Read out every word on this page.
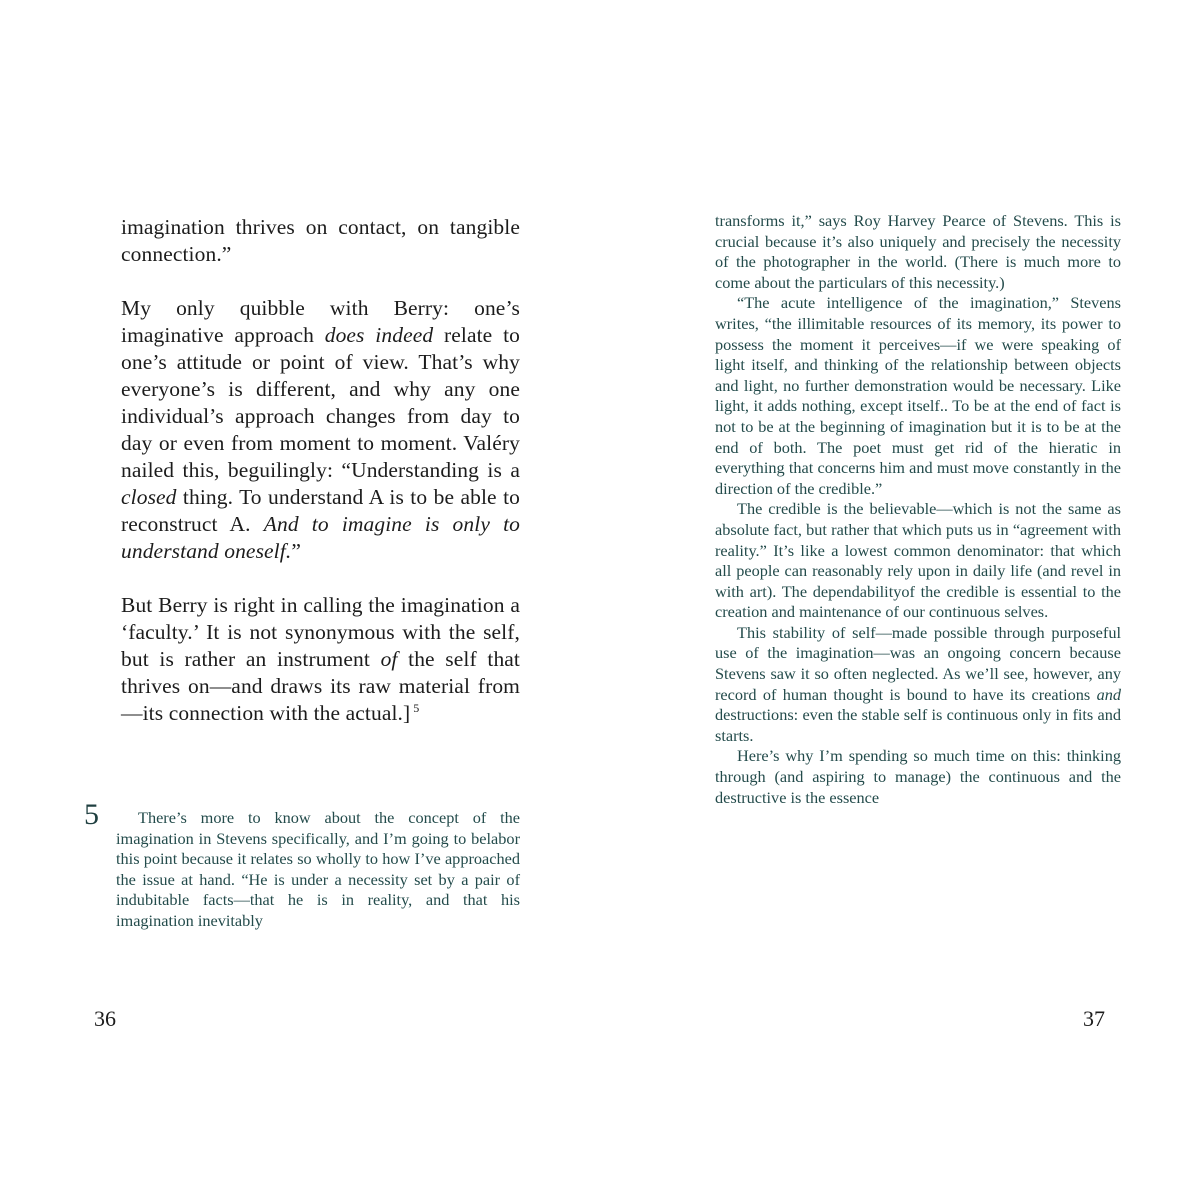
imagination thrives on contact, on tangible connection.”

My only quibble with Berry: one’s imaginative approach does indeed relate to one’s attitude or point of view. That’s why everyone’s is different, and why any one individual’s approach changes from day to day or even from moment to moment. Valéry nailed this, beguilingly: “Understanding is a closed thing. To understand A is to be able to reconstruct A. And to imagine is only to understand oneself.”

But Berry is right in calling the imagination a ‘faculty.’ It is not synonymous with the self, but is rather an instrument of the self that thrives on—and draws its raw material from—its connection with the actual.] $^5$

5	There’s more to know about the concept of the imagination in Stevens specifically, and I’m going to belabor this point because it relates so wholly to how I’ve approached the issue at hand. “He is under a necessity set by a pair of indubitable facts—that he is in reality, and that his imagination inevitably
36

transforms it,” says Roy Harvey Pearce of Stevens. This is crucial because it’s also uniquely and precisely the necessity of the photographer in the world. (There is much more to come about the particulars of this necessity.)

“The acute intelligence of the imagination,” Stevens writes, “the illimitable resources of its memory, its power to possess the moment it perceives—if we were speaking of light itself, and thinking of the relationship between objects and light, no further demonstration would be necessary. Like light, it adds nothing, except itself.. To be at the end of fact is not to be at the beginning of imagination but it is to be at the end of both. The poet must get rid of the hieratic in everything that concerns him and must move constantly in the direction of the credible.”

The credible is the believable—which is not the same as absolute fact, but rather that which puts us in “agreement with reality.” It’s like a lowest common denominator: that which all people can reasonably rely upon in daily life (and revel in with art). The dependabilityof the credible is essential to the creation and maintenance of our continuous selves.

This stability of self—made possible through purposeful use of the imagination—was an ongoing concern because Stevens saw it so often neglected. As we’ll see, however, any record of human thought is bound to have its creations and destructions: even the stable self is continuous only in fits and starts.

Here’s why I’m spending so much time on this: thinking through (and aspiring to manage) the continuous and the destructive is the essence

37
